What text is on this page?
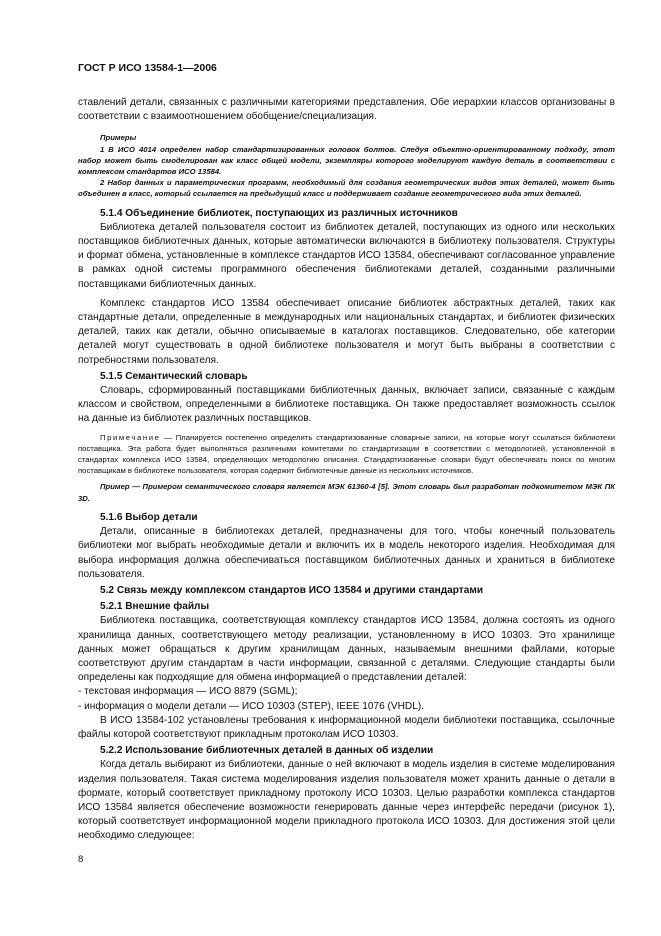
ГОСТ Р ИСО 13584-1—2006

ставлений детали, связанных с различными категориями представления. Обе иерархии классов организованы в соответствии с взаимоотношением обобщение/специализация.

Примеры

1 В ИСО 4014 определен набор стандартизированных головок болтов. Следуя объектно-ориентированному подходу, этот набор может быть смоделирован как класс общей модели, экземпляры которого моделируют каждую деталь в соответствии с комплексом стандартов ИСО 13584.

2 Набор данных и параметрических программ, необходимый для создания геометрических видов этих деталей, может быть объединен в класс, который ссылается на предыдущий класс и поддерживает создание геометрического вида этих деталей.

5.1.4 Объединение библиотек, поступающих из различных источников

Библиотека деталей пользователя состоит из библиотек деталей, поступающих из одного или нескольких поставщиков библиотечных данных, которые автоматически включаются в библиотеку пользователя. Структуры и формат обмена, установленные в комплексе стандартов ИСО 13584, обеспечивают согласованное управление в рамках одной системы программного обеспечения библиотеками деталей, созданными различными поставщиками библиотечных данных.

Комплекс стандартов ИСО 13584 обеспечивает описание библиотек абстрактных деталей, таких как стандартные детали, определенные в международных или национальных стандартах, и библиотек физических деталей, таких как детали, обычно описываемые в каталогах поставщиков. Следовательно, обе категории деталей могут существовать в одной библиотеке пользователя и могут быть выбраны в соответствии с потребностями пользователя.

5.1.5 Семантический словарь

Словарь, сформированный поставщиками библиотечных данных, включает записи, связанные с каждым классом и свойством, определенными в библиотеке поставщика. Он также предоставляет возможность ссылок на данные из библиотек различных поставщиков.

Примечание — Планируется постепенно определить стандартизованные словарные записи, на которые могут ссылаться библиотеки поставщика. Эта работа будет выполняться различными комитетами по стандартизации в соответствии с методологией, установленной в стандартах комплекса ИСО 13584, определяющих методологию описания. Стандартизованные словари будут обеспечивать поиск по многим поставщикам в библиотеке пользователя, которая содержит библиотечные данные из нескольких источников.

Пример — Примером семантического словаря является МЭК 61360-4 [5]. Этот словарь был разработан подкомитетом МЭК ПК 3D.

5.1.6 Выбор детали

Детали, описанные в библиотеках деталей, предназначены для того, чтобы конечный пользователь библиотеки мог выбрать необходимые детали и включить их в модель некоторого изделия. Необходимая для выбора информация должна обеспечиваться поставщиком библиотечных данных и храниться в библиотеке пользователя.

5.2 Связь между комплексом стандартов ИСО 13584 и другими стандартами
5.2.1 Внешние файлы

Библиотека поставщика, соответствующая комплексу стандартов ИСО 13584, должна состоять из одного хранилища данных, соответствующего методу реализации, установленному в ИСО 10303. Это хранилище данных может обращаться к другим хранилищам данных, называемым внешними файлами, которые соответствуют другим стандартам в части информации, связанной с деталями. Следующие стандарты были определены как подходящие для обмена информацией о представлении деталей:

- текстовая информация — ИСО 8879 (SGML);

- информация о модели детали — ИСО 10303 (STEP), IEEE 1076 (VHDL).

В ИСО 13584-102 установлены требования к информационной модели библиотеки поставщика, ссылочные файлы которой соответствуют прикладным протоколам ИСО 10303.

5.2.2 Использование библиотечных деталей в данных об изделии

Когда деталь выбирают из библиотеки, данные о ней включают в модель изделия в системе моделирования изделия пользователя. Такая система моделирования изделия пользователя может хранить данные о детали в формате, который соответствует прикладному протоколу ИСО 10303. Целью разработки комплекса стандартов ИСО 13584 является обеспечение возможности генерировать данные через интерфейс передачи (рисунок 1), который соответствует информационной модели прикладного протокола ИСО 10303. Для достижения этой цели необходимо следующее:

8
